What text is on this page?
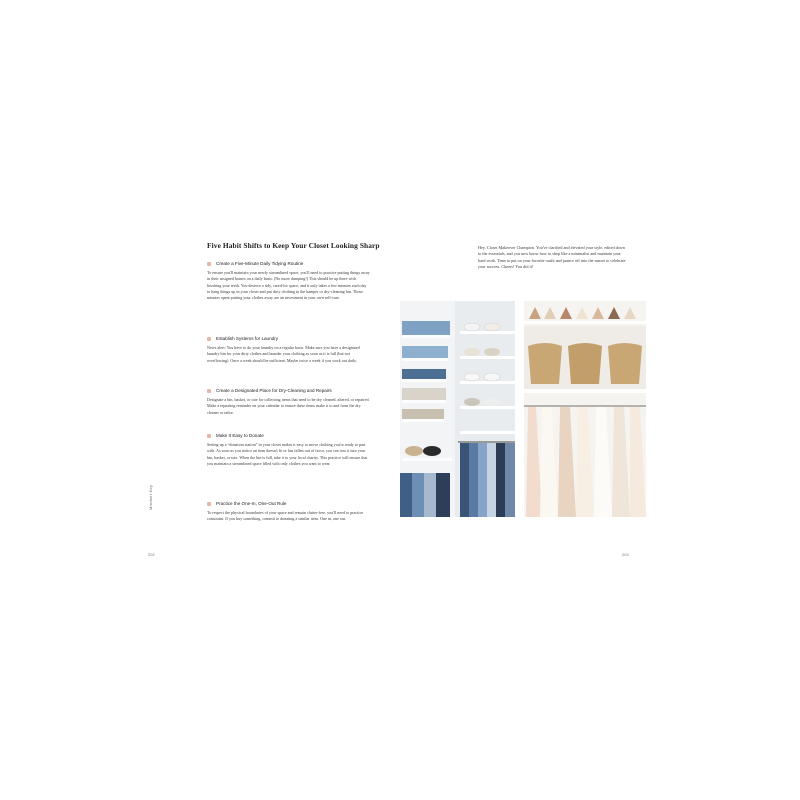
Five Habit Shifts to Keep Your Closet Looking Sharp
Create a Five-Minute Daily Tidying Routine
To ensure you'll maintain your newly streamlined space, you'll need to practice putting things away in their assigned homes on a daily basis. (No more dumping!) This should be up there with brushing your teeth. You deserve a tidy, cared-for space, and it only takes a few minutes each day to hang things up in your closet and put dirty clothing in the hamper or dry-cleaning bin. Those minutes spent putting your clothes away are an investment in your own self-care.
Establish Systems for Laundry
News alert: You have to do your laundry on a regular basis. Make sure you have a designated laundry bin for your dirty clothes and launder your clothing as soon as it is full (but not overflowing). Once a week should be sufficient. Maybe twice a week if you work out daily.
Create a Designated Place for Dry-Cleaning and Repairs
Designate a bin, basket, or tote for collecting items that need to be dry cleaned, altered, or repaired. Make a repeating reminder on your calendar to ensure these items make it to and from the dry cleaner or tailor.
Make It Easy to Donate
Setting up a “donation station” in your closet makes it easy to move clothing you're ready to part with. As soon as you notice an item doesn't fit or has fallen out of favor, you can toss it into your bin, basket, or tote. When the bin is full, take it to your local charity. This practice will ensure that you maintain a streamlined space filled with only clothes you want to wear.
Practice the One-In, One-Out Rule
To respect the physical boundaries of your space and remain clutter-free, you'll need to practice constraint. If you buy something, commit to donating a similar item. One in, one out.
Mindset Key
202
Hey, Closet Makeover Champion. You've clarified and elevated your style, edited down to the essentials, and you now know how to shop like a minimalist and maintain your hard work. Time to put on your favorite outfit and prance off into the sunset to celebrate your success. Cheers! You did it!
203
